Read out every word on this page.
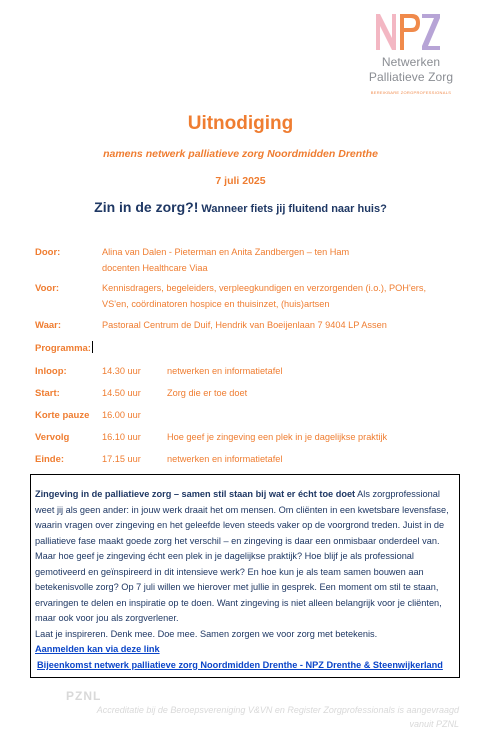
Netwerken
Palliatieve Zorg
BEREIKBARE ZORGPROFESSIONALS
Uitnodiging
namens netwerk palliatieve zorg Noordmidden Drenthe
7 juli 2025
Zin in de zorg?! Wanneer fiets jij fluitend naar huis?
Door:	Alina van Dalen - Pieterman en Anita Zandbergen – ten Ham
docenten Healthcare Viaa
Voor:	Kennisdragers, begeleiders, verpleegkundigen en verzorgenden (i.o.), POH'ers,
VS'en, coördinatoren hospice en thuisinzet, (huis)artsen
Waar:	Pastoraal Centrum de Duif, Hendrik van Boeijenlaan 7 9404 LP Assen
Programma:
Inloop:	14.30 uur	netwerken en informatietafel
Start:	14.50 uur	Zorg die er toe doet
Korte pauze 16.00 uur
Vervolg	16.10 uur	Hoe geef je zingeving een plek in je dagelijkse praktijk
Einde:	17.15 uur	netwerken en informatietafel
Zingeving in de palliatieve zorg – samen stil staan bij wat er écht toe doet Als zorgprofessional weet jij als geen ander: in jouw werk draait het om mensen. Om cliënten in een kwetsbare levensfase, waarin vragen over zingeving en het geleefde leven steeds vaker op de voorgrond treden. Juist in de palliatieve fase maakt goede zorg het verschil – en zingeving is daar een onmisbaar onderdeel van.
Maar hoe geef je zingeving écht een plek in je dagelijkse praktijk? Hoe blijf je als professional gemotiveerd en geïnspireerd in dit intensieve werk? En hoe kun je als team samen bouwen aan betekenisvolle zorg? Op 7 juli willen we hierover met jullie in gesprek. Een moment om stil te staan, ervaringen te delen en inspiratie op te doen. Want zingeving is niet alleen belangrijk voor je cliënten, maar ook voor jou als zorgverlener.
Laat je inspireren. Denk mee. Doe mee. Samen zorgen we voor zorg met betekenis.
Aanmelden kan via deze link
Bijeenkomst netwerk palliatieve zorg Noordmidden Drenthe - NPZ Drenthe & Steenwijkerland
PZNL
Accreditatie bij de Beroepsvereniging V&VN en Register Zorgprofessionals is aangevraagd vanuit PZNL
